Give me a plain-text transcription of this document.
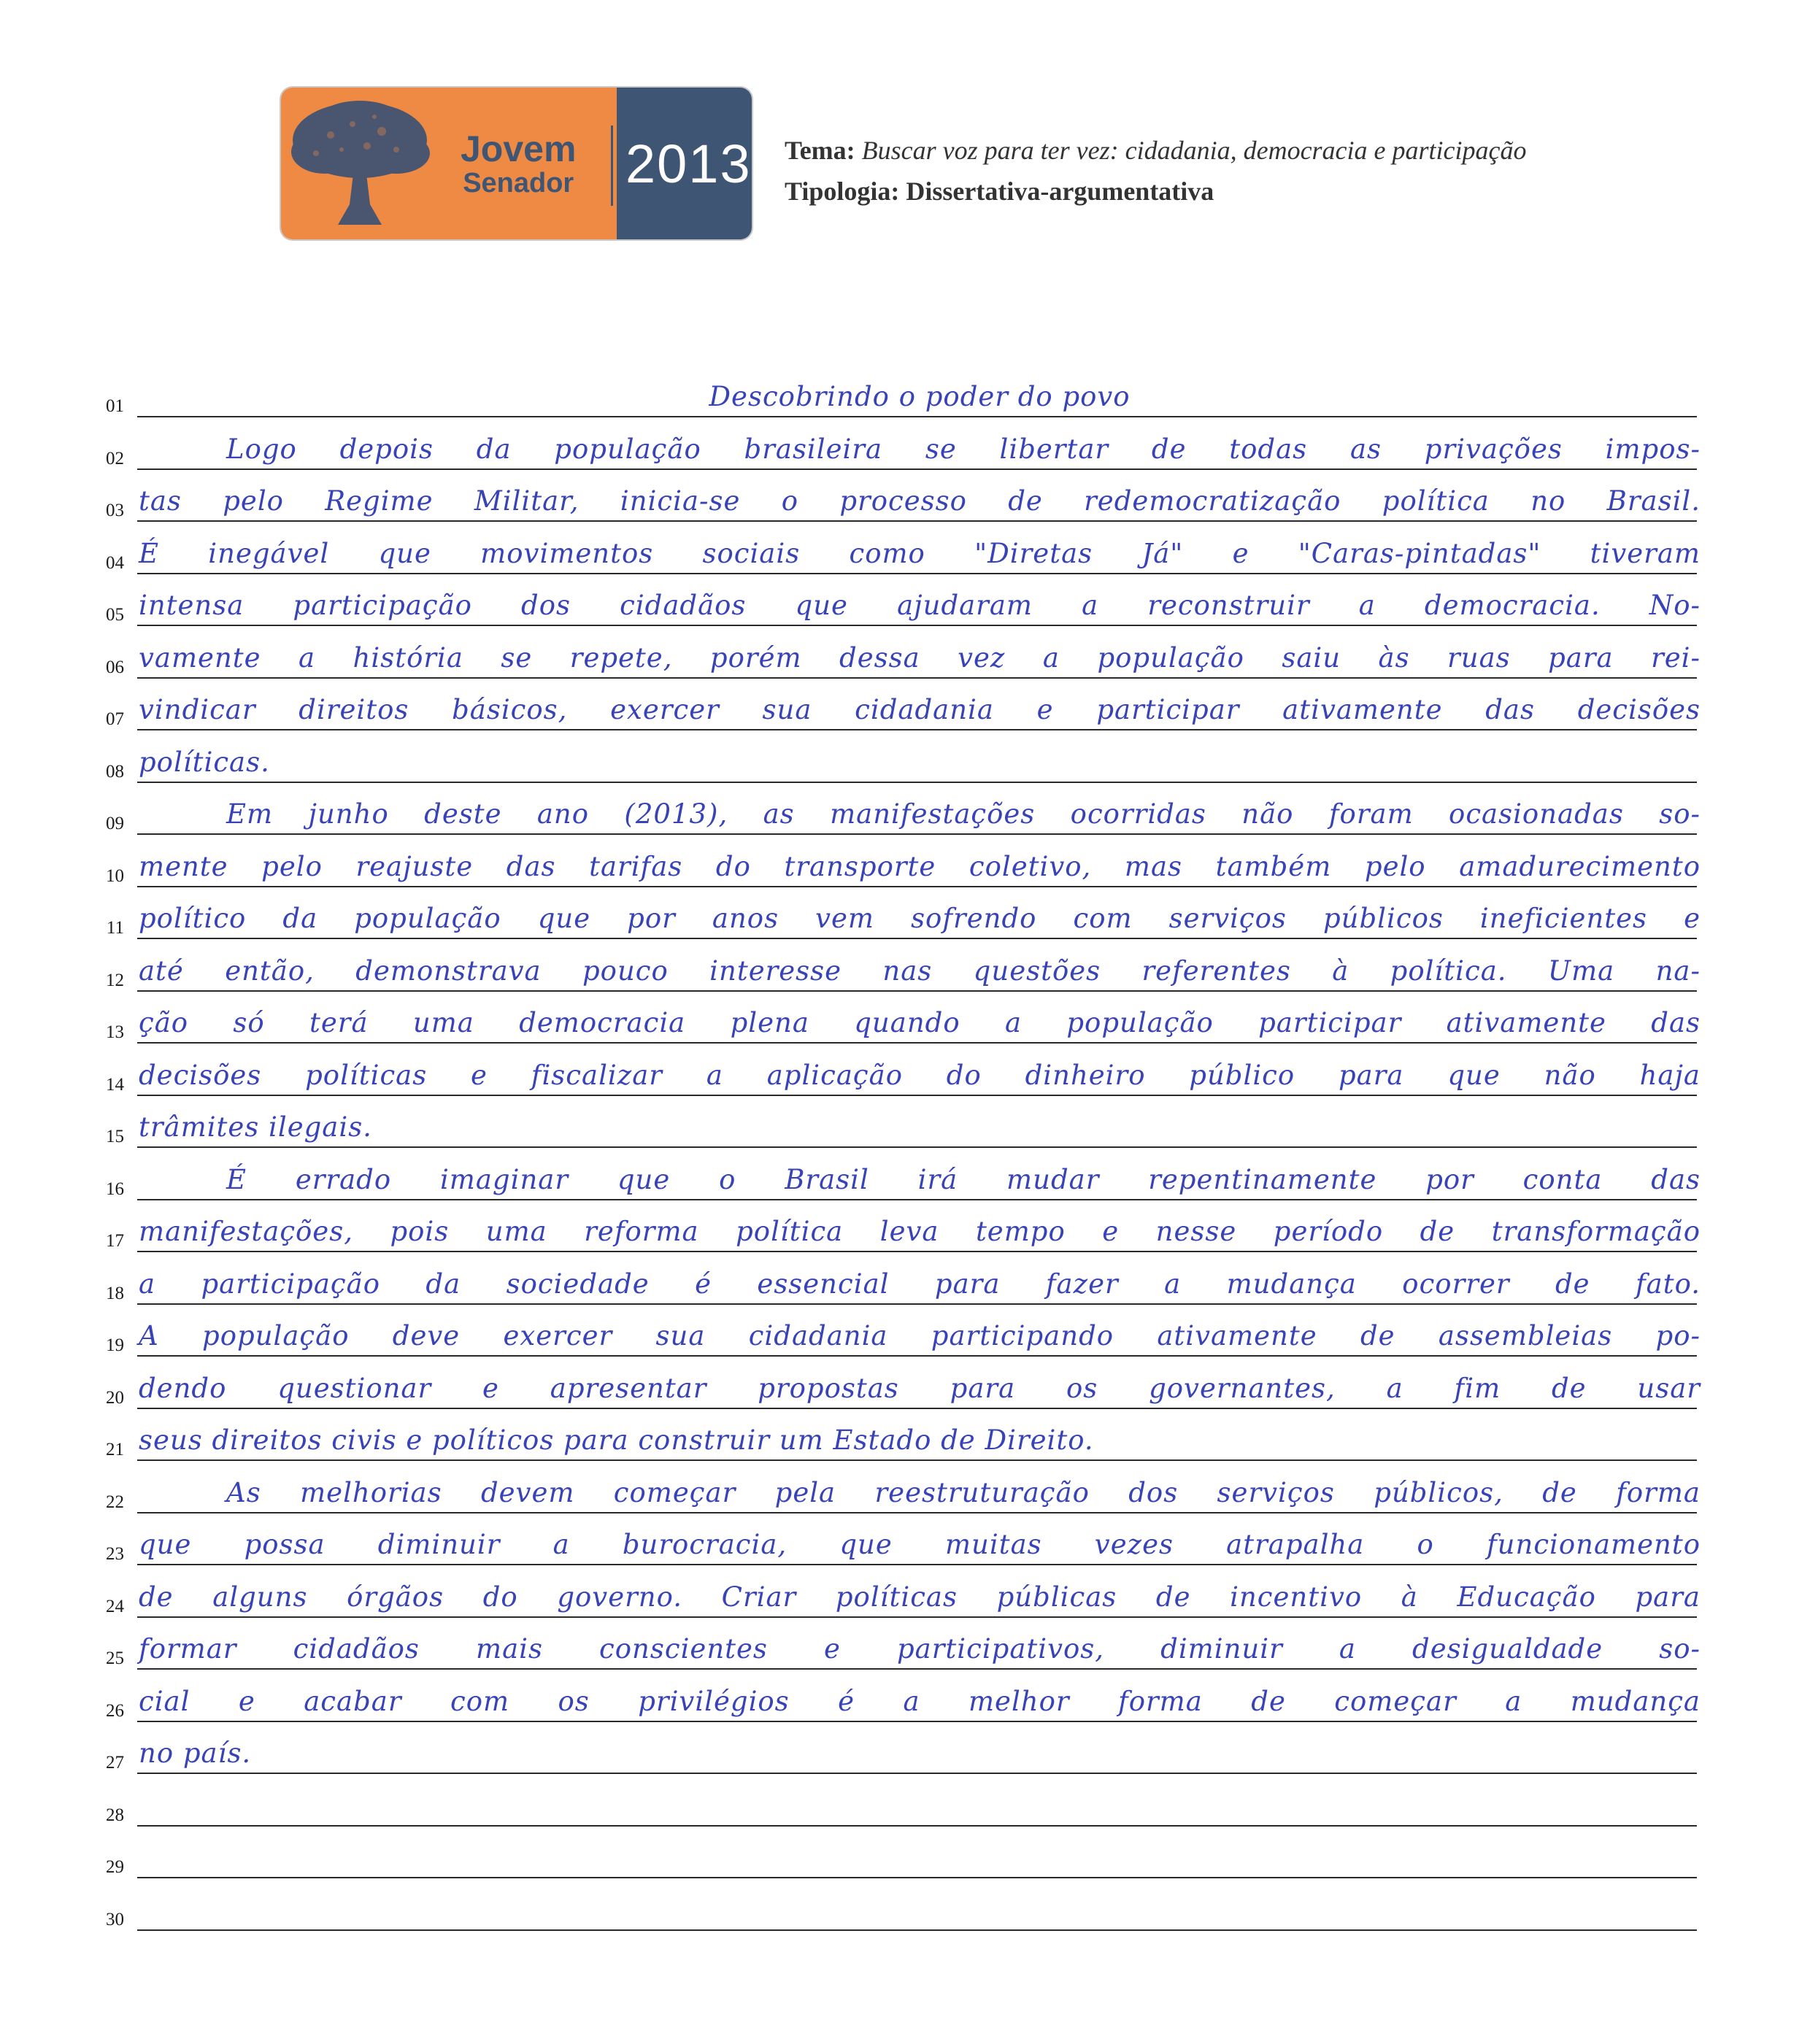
Jovem
Senador 2013 Tema: Buscar voz para ter vez: cidadania, democracia e participação
Tipologia: Dissertativa-argumentativa
01	Descobrindo o poder do povo
02	Logo depois da população brasileira se libertar de todas as privações impos-
03 tas pelo Regime Militar, inicia-se o processo de redemocratização política no Brasil.
04 É inegável que movimentos sociais como "Diretas Já" e "Caras-pintadas" tiveram
05 intensa participação dos cidadãos que ajudaram a reconstruir a democracia. No-
06 vamente a história se repete, porém dessa vez a população saiu às ruas para rei-
07 vindicar direitos básicos, exercer sua cidadania e participar ativamente das decisões
08 políticas.
09	Em junho deste ano (2013), as manifestações ocorridas não foram ocasionadas so-
10 mente pelo reajuste das tarifas do transporte coletivo, mas também pelo amadurecimento
11 político da população que por anos vem sofrendo com serviços públicos ineficientes e
12 até então, demonstrava pouco interesse nas questões referentes à política. Uma na-
13 ção só terá uma democracia plena quando a população participar ativamente das
14 decisões políticas e fiscalizar a aplicação do dinheiro público para que não haja
15 trâmites ilegais.
16	É errado imaginar que o Brasil irá mudar repentinamente por conta das
17 manifestações, pois uma reforma política leva tempo e nesse período de transformação
18 a participação da sociedade é essencial para fazer a mudança ocorrer de fato.
19 A população deve exercer sua cidadania participando ativamente de assembleias po-
20 dendo questionar e apresentar propostas para os governantes, a fim de usar
21 seus direitos civis e políticos para construir um Estado de Direito.
22	As melhorias devem começar pela reestruturação dos serviços públicos, de forma
23 que possa diminuir a burocracia, que muitas vezes atrapalha o funcionamento
24 de alguns órgãos do governo. Criar políticas públicas de incentivo à Educação para
25 formar cidadãos mais conscientes e participativos, diminuir a desigualdade so-
26 cial e acabar com os privilégios é a melhor forma de começar a mudança
27 no país.
28
29
30
